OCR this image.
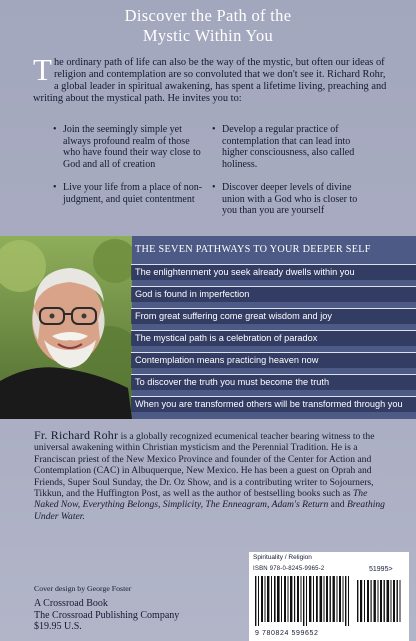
Discover the Path of the
Mystic Within You
The ordinary path of life can also be the way of the mystic, but often our ideas of religion and contemplation are so convoluted that we don't see it. Richard Rohr, a global leader in spiritual awakening, has spent a lifetime living, preaching and writing about the mystical path. He invites you to:
• Join the seemingly simple yet always profound realm of those who have found their way close to God and all of creation
• Live your life from a place of non-judgment, and quiet contentment
• Develop a regular practice of contemplation that can lead into higher consciousness, also called holiness.
• Discover deeper levels of divine union with a God who is closer to you than you are yourself
THE SEVEN PATHWAYS TO YOUR DEEPER SELF
The enlightenment you seek already dwells within you
God is found in imperfection
From great suffering come great wisdom and joy
The mystical path is a celebration of paradox
Contemplation means practicing heaven now
To discover the truth you must become the truth
When you are transformed others will be transformed through you
Fr. Richard Rohr is a globally recognized ecumenical teacher bearing witness to the universal awakening within Christian mysticism and the Perennial Tradition. He is a Franciscan priest of the New Mexico Province and founder of the Center for Action and Contemplation (CAC) in Albuquerque, New Mexico. He has been a guest on Oprah and Friends, Super Soul Sunday, the Dr. Oz Show, and is a contributing writer to Sojourners, Tikkun, and the Huffington Post, as well as the author of bestselling books such as The Naked Now, Everything Belongs, Simplicity, The Enneagram, Adam's Return and Breathing Under Water.
Cover design by George Foster
A Crossroad Book
The Crossroad Publishing Company
$19.95 U.S.
Spirituality / Religion
ISBN 978-0-8245-9965-2	51995>
9 780824 599652
